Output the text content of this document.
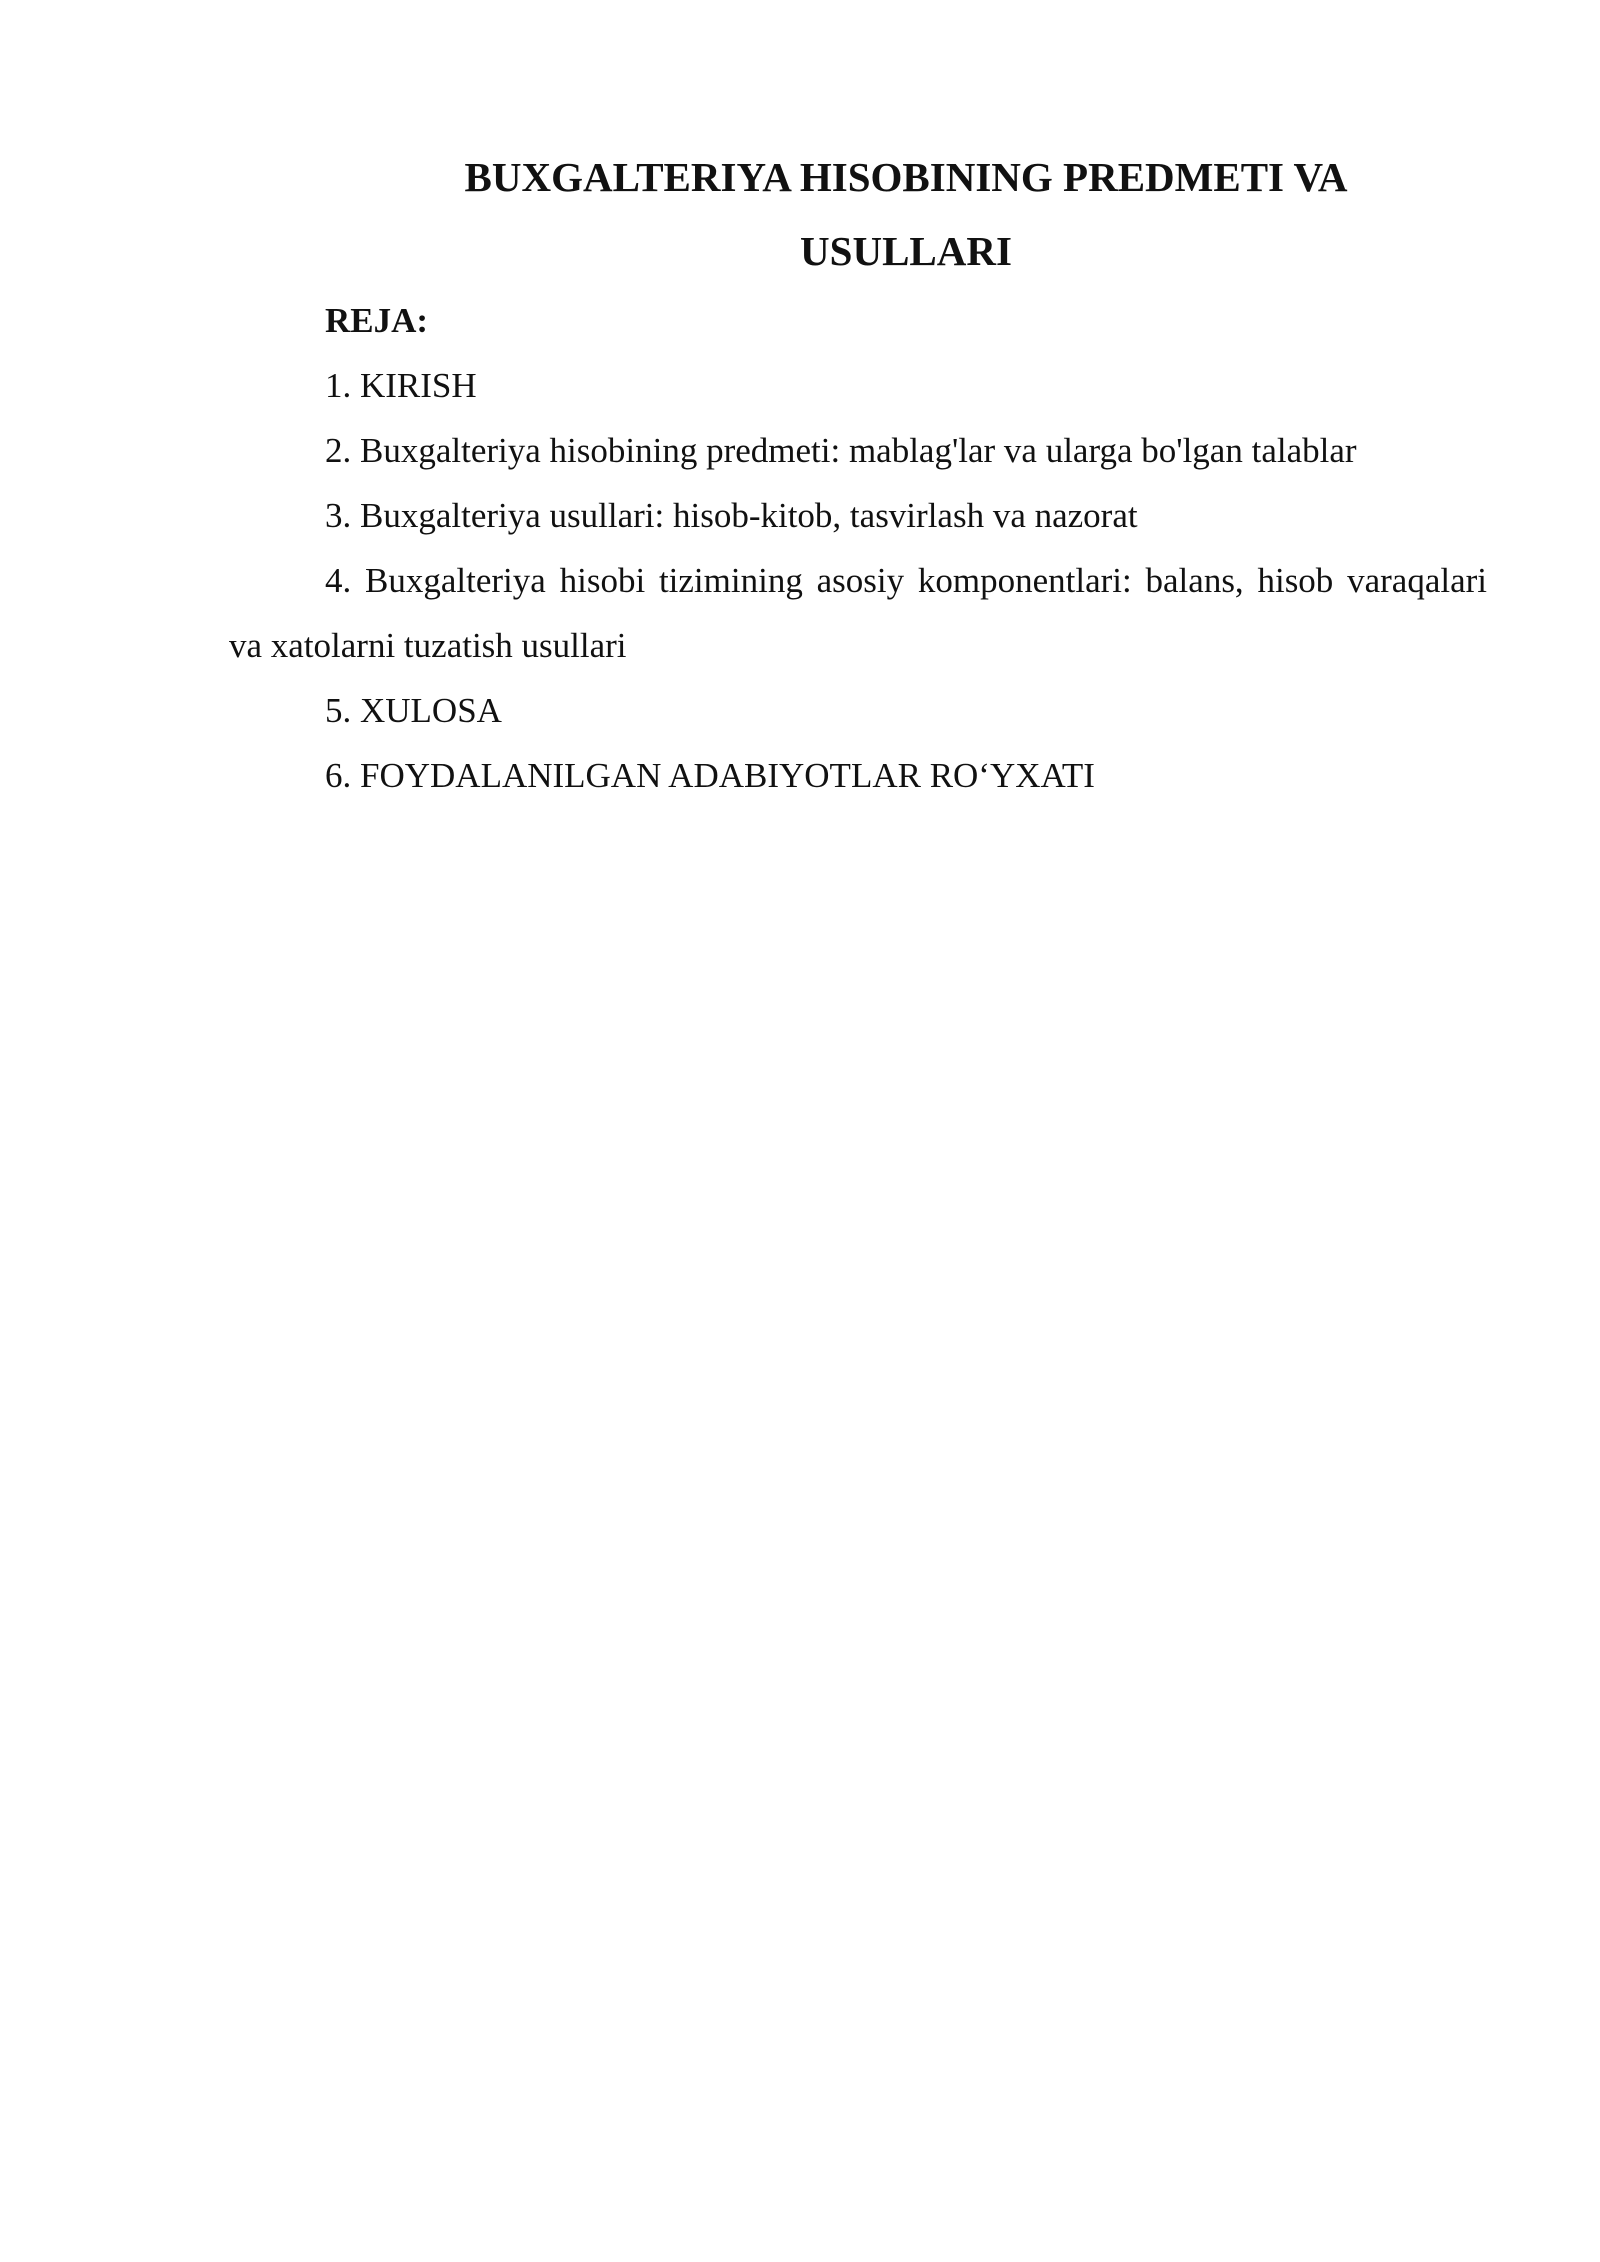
BUXGALTERIYA HISOBINING PREDMETI VA
USULLARI

REJA:

1. KIRISH

2. Buxgalteriya hisobining predmeti: mablag'lar va ularga bo'lgan talablar

3. Buxgalteriya usullari: hisob-kitob, tasvirlash va nazorat

4. Buxgalteriya hisobi tizimining asosiy komponentlari: balans, hisob varaqalari va xatolarni tuzatish usullari

5. XULOSA

6. FOYDALANILGAN ADABIYOTLAR RO‘YXATI
